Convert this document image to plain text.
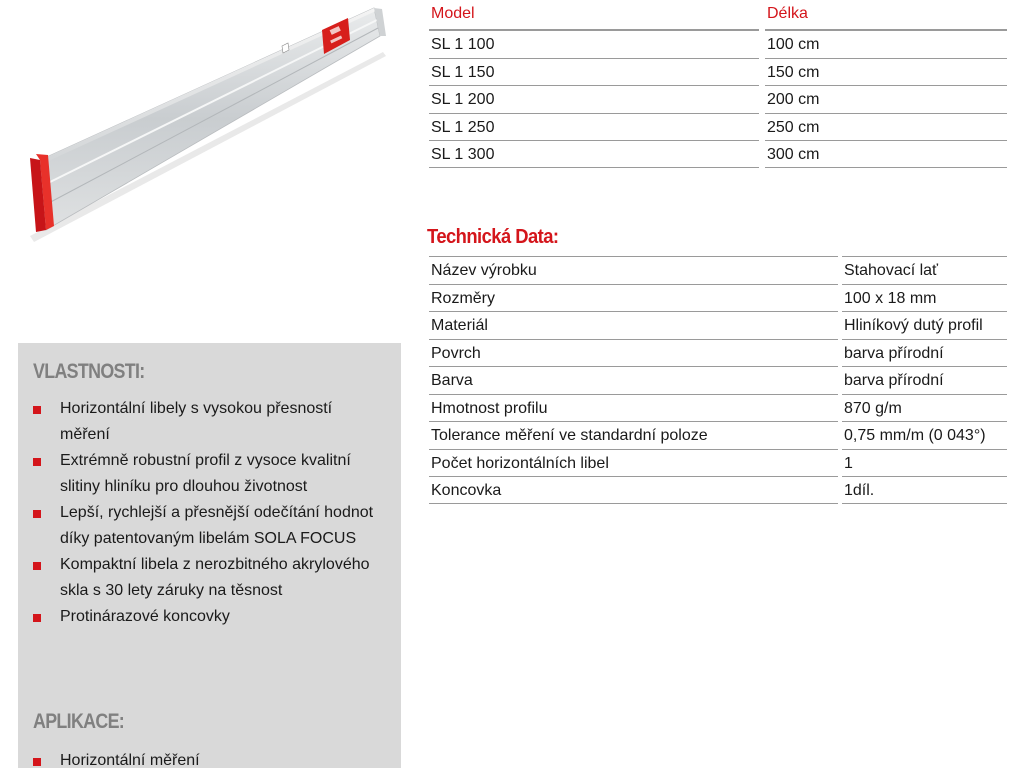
Model	Délka
SL 1 100	100 cm
SL 1 150	150 cm
SL 1 200	200 cm
SL 1 250	250 cm
SL 1 300	300 cm
Technická Data:
Název výrobku	Stahovací lať
Rozměry	100 x 18 mm
Materiál	Hliníkový dutý profil
Povrch	barva přírodní
Barva	barva přírodní
Hmotnost profilu	870 g/m
Tolerance měření ve standardní poloze	0,75 mm/m (0 043°)
Počet horizontálních libel	1
Koncovka	1díl.
VLASTNOSTI:
Horizontální libely s vysokou přesností měření
Extrémně robustní profil z vysoce kvalitní slitiny hliníku pro dlouhou životnost
Lepší, rychlejší a přesnější odečítání hodnot díky patentovaným libelám SOLA FOCUS
Kompaktní libela z nerozbitného akrylového skla s 30 lety záruky na těsnost
Protinárazové koncovky
APLIKACE:
Horizontální měření
